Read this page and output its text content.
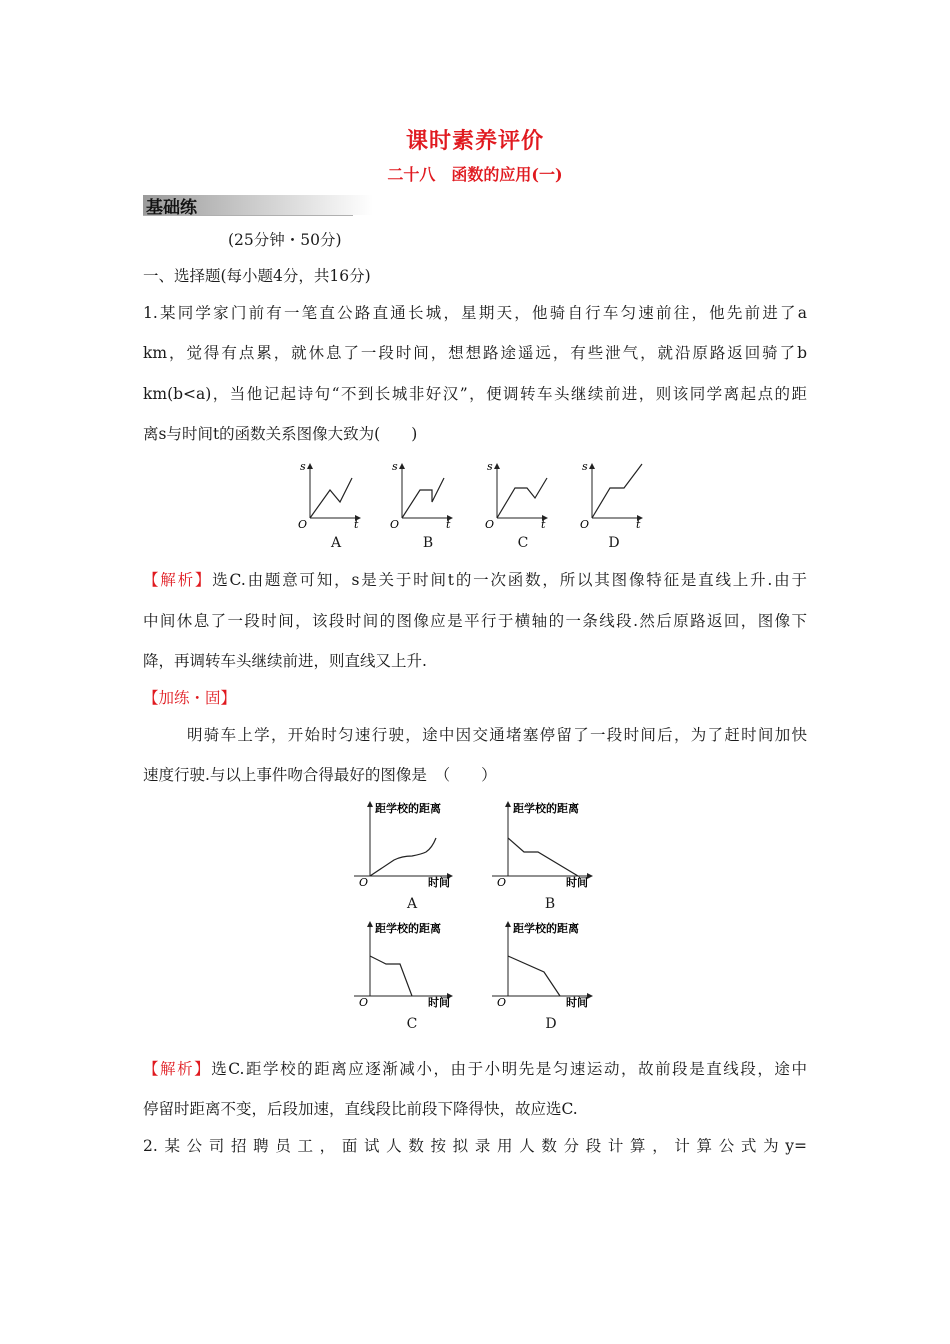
课时素养评价
二十八　函数的应用(一)
基础练
(25分钟・50分)
一、选择题(每小题4分，共16分)
1.某同学家门前有一笔直公路直通长城，星期天，他骑自行车匀速前往，他先前进了a
km，觉得有点累，就休息了一段时间，想想路途遥远，有些泄气，就沿原路返回骑了b
km(b<a)，当他记起诗句“不到长城非好汉”，便调转车头继续前进，则该同学离起点的距
离s与时间t的函数关系图像大致为(　　)
s
t
O
s
t
O
s
t
O
s
t
O
A	B	C	D
【解析】选C.由题意可知，s是关于时间t的一次函数，所以其图像特征是直线上升.由于
中间休息了一段时间，该段时间的图像应是平行于横轴的一条线段.然后原路返回，图像下
降，再调转车头继续前进，则直线又上升.
【加练・固】
明骑车上学，开始时匀速行驶，途中因交通堵塞停留了一段时间后，为了赶时间加快
速度行驶.与以上事件吻合得最好的图像是　（　　）
距学校的距离
时间
O
距学校的距离
时间
O
距学校的距离
时间
O
距学校的距离
时间
O
A	B
C	D
【解析】选C.距学校的距离应逐渐减小，由于小明先是匀速运动，故前段是直线段，途中
停留时距离不变，后段加速，直线段比前段下降得快，故应选C.
2.某公司招聘员工，面试人数按拟录用人数分段计算，计算公式为y=
